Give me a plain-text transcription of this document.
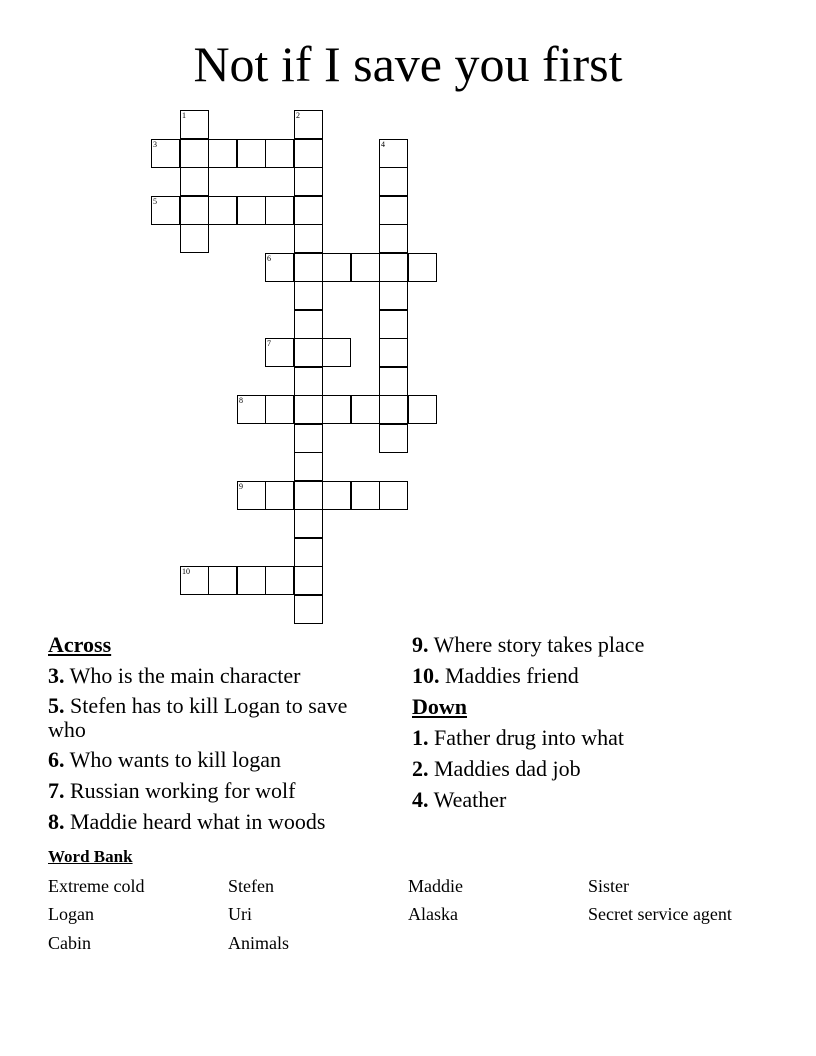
Not if I save you first
1	2
3	4
5
6
7
8
9
10
Across
3. Who is the main character
5. Stefen has to kill Logan to save who
6. Who wants to kill logan
7. Russian working for wolf
8. Maddie heard what in woods
9. Where story takes place
10. Maddies friend
Down
1. Father drug into what
2. Maddies dad job
4. Weather
Word Bank
Extreme cold	Stefen	Maddie	Sister
Logan	Uri	Alaska	Secret service agent
Cabin	Animals
